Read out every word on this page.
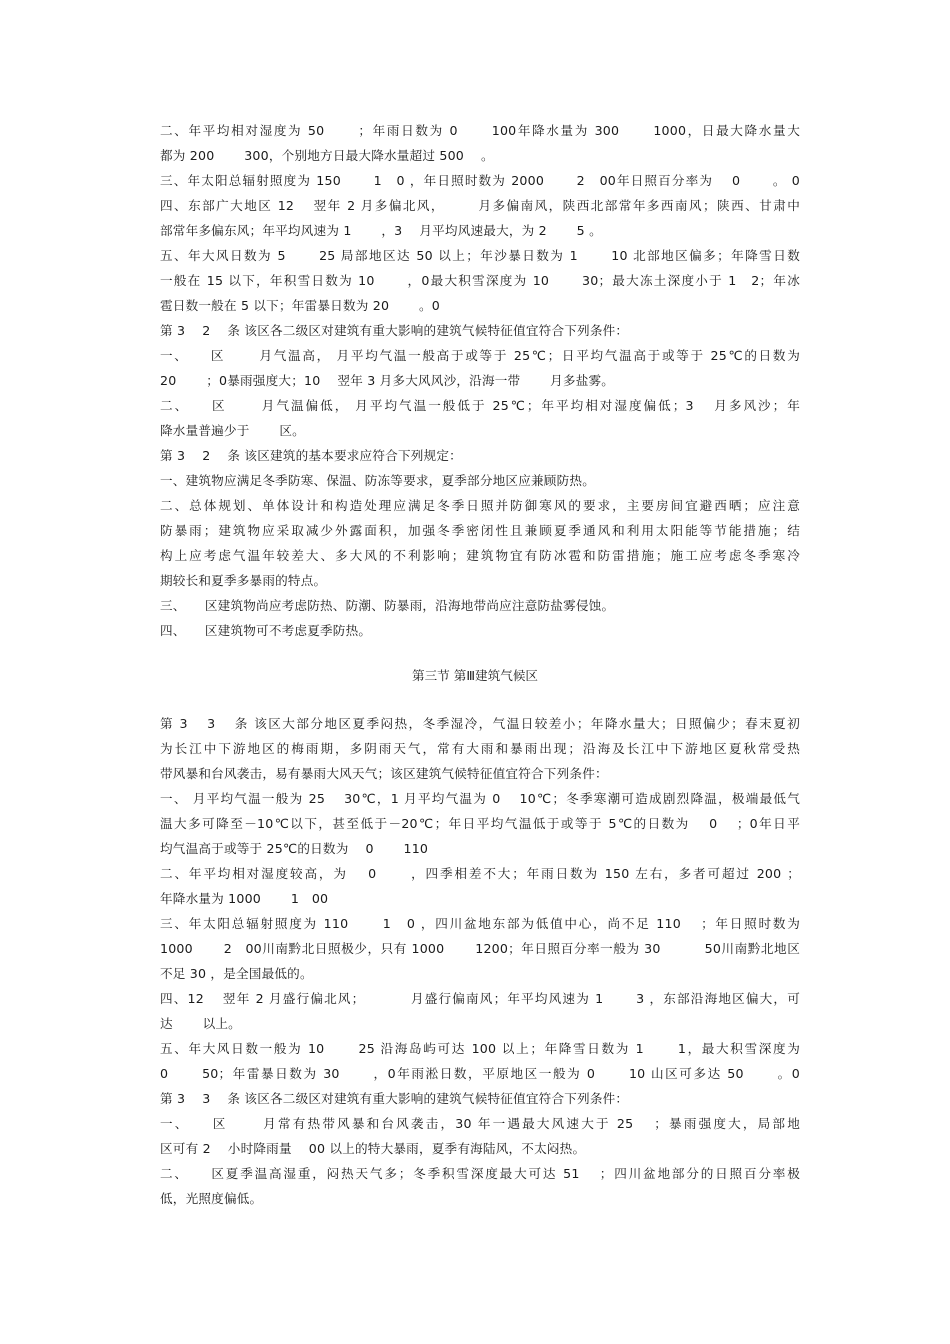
二、年平均相对湿度为 50 　　；年雨日数为 0 　　100年降水量为 300 　　1000，日最大降水量大
都为 200 　　300，个别地方日最大降水量超过 500 　。
三、年太阳总辐射照度为 150 　　1　0 ，年日照时数为 2000 　　2　00年日照百分率为 　0 　　。 0
四、东部广大地区 12 　翌年 2 月多偏北风， 　　月多偏南风，陕西北部常年多西南风；陕西、甘肃中
部常年多偏东风；年平均风速为 1 　　，3 　月平均风速最大，为 2 　　5 。
五、年大风日数为 5 　　25 局部地区达 50 以上；年沙暴日数为 1 　　10 北部地区偏多；年降雪日数
一般在 15 以下，年积雪日数为 10 　　，0最大积雪深度为 10 　　30；最大冻土深度小于 1　2；年冰
雹日数一般在 5 以下；年雷暴日数为 20 　　。0
第 3 　2 　条 该区各二级区对建筑有重大影响的建筑气候特征值宜符合下列条件：
一、　　区 　　月气温高， 月平均气温一般高于或等于 25℃；日平均气温高于或等于 25℃的日数为
20 　　；0暴雨强度大；10 　翌年 3 月多大风风沙，沿海一带 　　月多盐雾。
二、　　区 　　月气温偏低， 月平均气温一般低于 25℃；年平均相对湿度偏低；3 　月多风沙；年
降水量普遍少于 　　区。
第 3 　2 　条 该区建筑的基本要求应符合下列规定：
一、建筑物应满足冬季防寒、保温、防冻等要求，夏季部分地区应兼顾防热。
二、总体规划、单体设计和构造处理应满足冬季日照并防御寒风的要求，主要房间宜避西晒；应注意
防暴雨；建筑物应采取减少外露面积，加强冬季密闭性且兼顾夏季通风和利用太阳能等节能措施；结
构上应考虑气温年较差大、多大风的不利影响；建筑物宜有防冰雹和防雷措施；施工应考虑冬季寒冷
期较长和夏季多暴雨的特点。
三、　　区建筑物尚应考虑防热、防潮、防暴雨，沿海地带尚应注意防盐雾侵蚀。
四、　　区建筑物可不考虑夏季防热。
第三节 第Ⅲ建筑气候区
第 3 　3 　条 该区大部分地区夏季闷热，冬季湿冷，气温日较差小；年降水量大；日照偏少；春末夏初
为长江中下游地区的梅雨期，多阴雨天气，常有大雨和暴雨出现；沿海及长江中下游地区夏秋常受热
带风暴和台风袭击，易有暴雨大风天气；该区建筑气候特征值宜符合下列条件：
一、 月平均气温一般为 25 　30℃，1 月平均气温为 0 　10℃；冬季寒潮可造成剧烈降温，极端最低气
温大多可降至－10℃以下，甚至低于－20℃；年日平均气温低于或等于 5℃的日数为 　0 　；0年日平
均气温高于或等于 25℃的日数为 　0 　　110
二、年平均相对湿度较高，为 　0 　　，四季相差不大；年雨日数为 150 左右，多者可超过 200 ；
年降水量为 1000 　　1　00
三、年太阳总辐射照度为 110 　　1　0 ，四川盆地东部为低值中心，尚不足 110 　；年日照时数为
1000 　　2　00川南黔北日照极少，只有 1000 　　1200；年日照百分率一般为 30 　　　50川南黔北地区
不足 30 ，是全国最低的。
四、12 　翌年 2 月盛行偏北风； 　　　月盛行偏南风；年平均风速为 1 　　3 ，东部沿海地区偏大，可
达 　　以上。
五、年大风日数一般为 10 　　25 沿海岛屿可达 100 以上；年降雪日数为 1 　　1，最大积雪深度为
0 　　50；年雷暴日数为 30 　　，0年雨淞日数，平原地区一般为 0 　　10 山区可多达 50 　　。0
第 3 　3 　条 该区各二级区对建筑有重大影响的建筑气候特征值宜符合下列条件：
一、　　区 　　月常有热带风暴和台风袭击，30 年一遇最大风速大于 25 　；暴雨强度大，局部地
区可有 2 　小时降雨量 　00 以上的特大暴雨，夏季有海陆风，不太闷热。
二、　　区夏季温高湿重，闷热天气多；冬季积雪深度最大可达 51 　；四川盆地部分的日照百分率极
低，光照度偏低。
